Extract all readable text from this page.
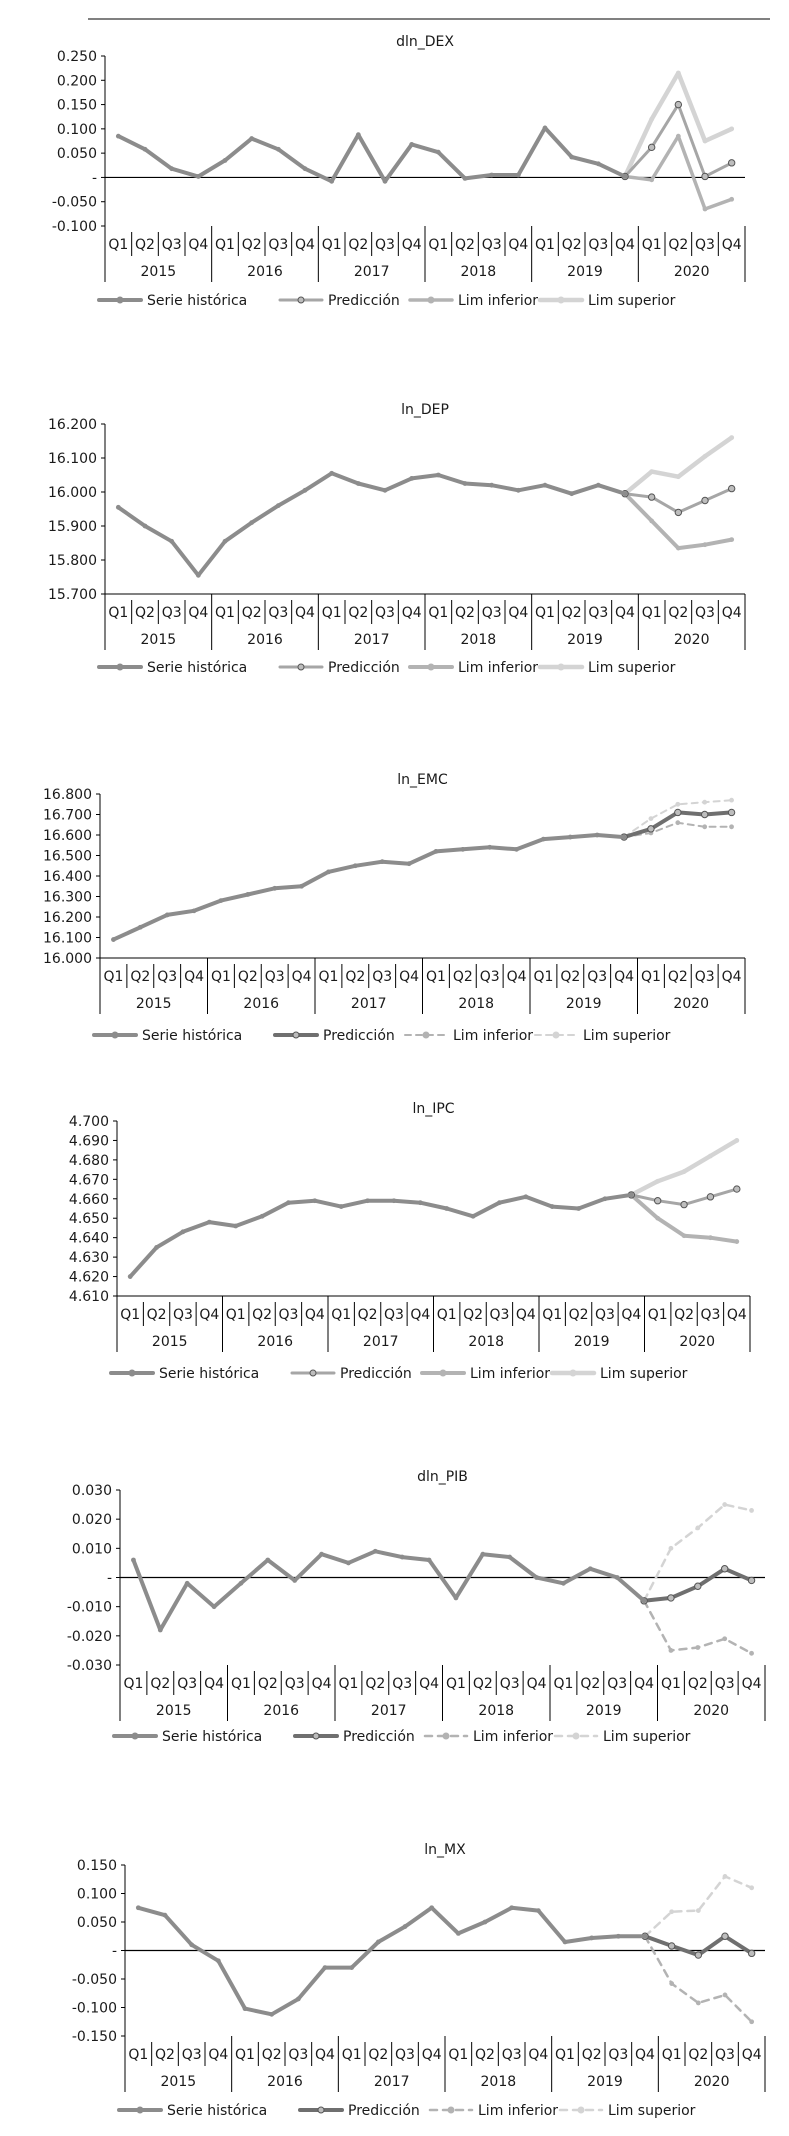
dln_DEX
0.250
0.200
0.150
0.100
0.050
-
-0.050
-0.100
Q1 Q2 Q3 Q4 Q1 Q2 Q3 Q4 Q1 Q2 Q3 Q4 Q1 Q2 Q3 Q4 Q1 Q2 Q3 Q4 Q1 Q2 Q3 Q4
2015	2016	2017	2018	2019	2020
Serie histórica	Predicción	Lim inferior	Lim superior
ln_DEP
16.200
16.100
16.000
15.900
15.800
15.700
Q1 Q2 Q3 Q4 Q1 Q2 Q3 Q4 Q1 Q2 Q3 Q4 Q1 Q2 Q3 Q4 Q1 Q2 Q3 Q4 Q1 Q2 Q3 Q4
2015	2016	2017	2018	2019	2020
Serie histórica	Predicción	Lim inferior	Lim superior
ln_EMC
16.800
16.700
16.600
16.500
16.400
16.300
16.200
16.100
16.000
Q1 Q2 Q3 Q4 Q1 Q2 Q3 Q4 Q1 Q2 Q3 Q4 Q1 Q2 Q3 Q4 Q1 Q2 Q3 Q4 Q1 Q2 Q3 Q4
2015	2016	2017	2018	2019	2020
Serie histórica	Predicción	Lim inferior	Lim superior
ln_IPC
4.700
4.690
4.680
4.670
4.660
4.650
4.640
4.630
4.620
4.610
Q1 Q2 Q3 Q4 Q1 Q2 Q3 Q4 Q1 Q2 Q3 Q4 Q1 Q2 Q3 Q4 Q1 Q2 Q3 Q4 Q1 Q2 Q3 Q4
2015	2016	2017	2018	2019	2020
Serie histórica	Predicción	Lim inferior	Lim superior
dln_PIB
0.030
0.020
0.010
-
-0.010
-0.020
-0.030
Q1 Q2 Q3 Q4 Q1 Q2 Q3 Q4 Q1 Q2 Q3 Q4 Q1 Q2 Q3 Q4 Q1 Q2 Q3 Q4 Q1 Q2 Q3 Q4
2015	2016	2017	2018	2019	2020
Serie histórica	Predicción	Lim inferior	Lim superior
ln_MX
0.150
0.100
0.050
-
-0.050
-0.100
-0.150
Q1 Q2 Q3 Q4 Q1 Q2 Q3 Q4 Q1 Q2 Q3 Q4 Q1 Q2 Q3 Q4 Q1 Q2 Q3 Q4 Q1 Q2 Q3 Q4
2015	2016	2017	2018	2019	2020
Serie histórica	Predicción	Lim inferior	Lim superior
